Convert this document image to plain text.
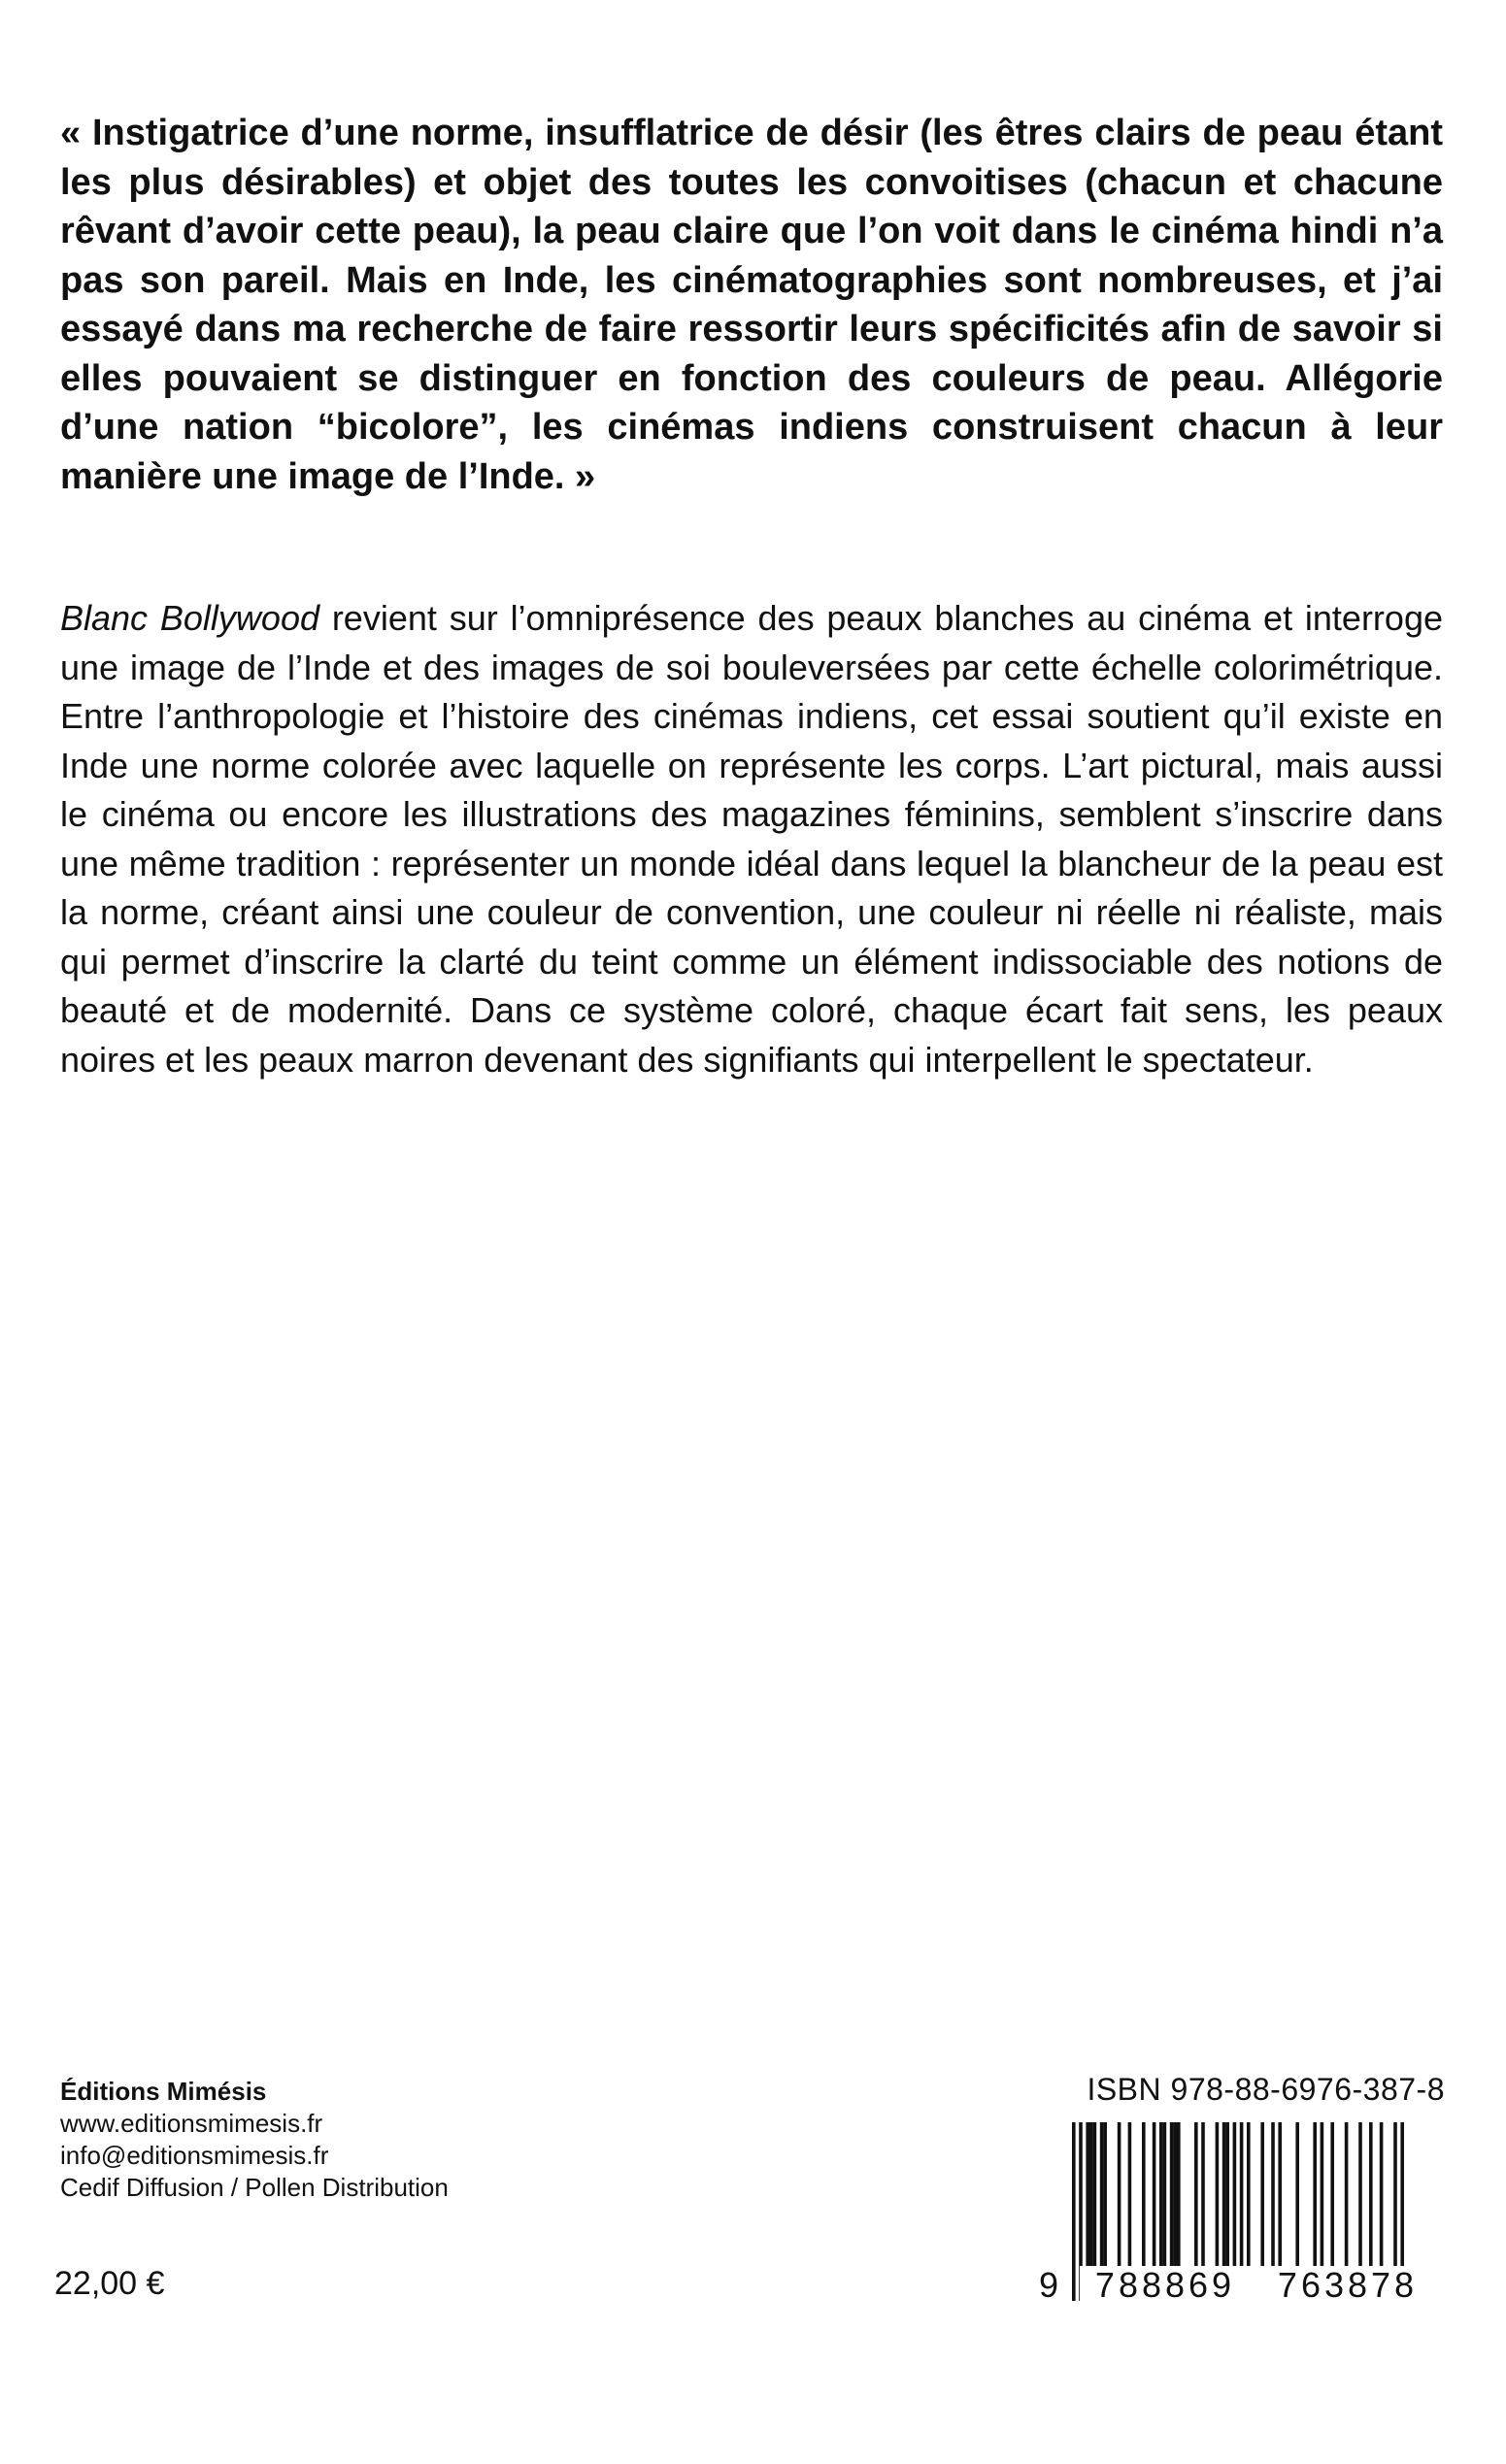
« Instigatrice d’une norme, insufflatrice de désir (les êtres clairs de peau étant les plus désirables) et objet des toutes les convoitises (chacun et chacune rêvant d’avoir cette peau), la peau claire que l’on voit dans le cinéma hindi n’a pas son pareil. Mais en Inde, les cinématographies sont nombreuses, et j’ai essayé dans ma recherche de faire ressortir leurs spécificités afin de savoir si elles pouvaient se distinguer en fonction des couleurs de peau. Allégorie d’une nation “bicolore”, les cinémas indiens construisent chacun à leur manière une image de l’Inde. »

Blanc Bollywood revient sur l’omniprésence des peaux blanches au cinéma et interroge une image de l’Inde et des images de soi bouleversées par cette échelle colorimétrique. Entre l’anthropologie et l’histoire des cinémas indiens, cet essai soutient qu’il existe en Inde une norme colorée avec laquelle on représente les corps. L’art pictural, mais aussi le cinéma ou encore les illustrations des magazines féminins, semblent s’inscrire dans une même tradition : représenter un monde idéal dans lequel la blancheur de la peau est la norme, créant ainsi une couleur de convention, une couleur ni réelle ni réaliste, mais qui permet d’inscrire la clarté du teint comme un élément indissociable des notions de beauté et de modernité. Dans ce système coloré, chaque écart fait sens, les peaux noires et les peaux marron devenant des signifiants qui interpellent le spectateur.

Éditions Mimésis
www.editionsmimesis.fr
info@editionsmimesis.fr
Cedif Diffusion / Pollen Distribution
22,00 €
ISBN 978-88-6976-387-8
9	788869	763878
